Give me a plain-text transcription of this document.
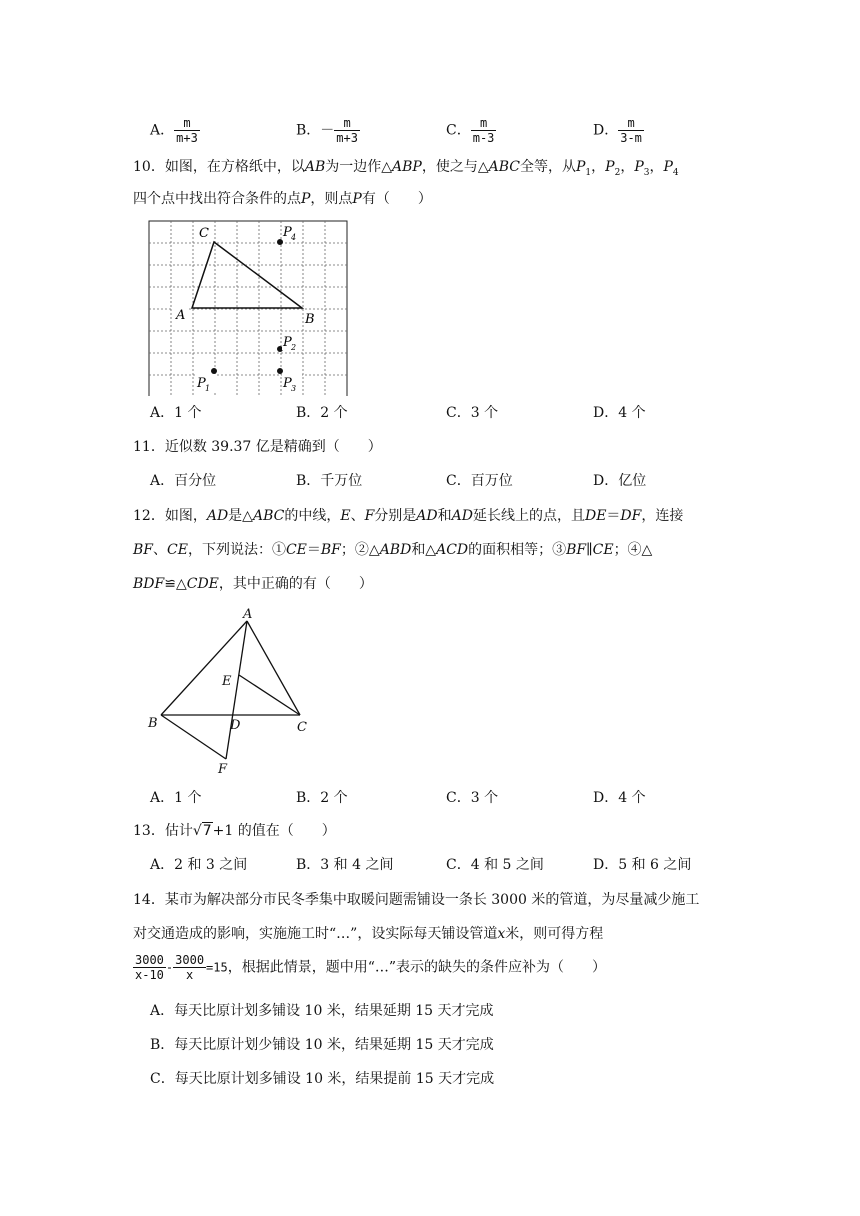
A． $\frac{m}{m+3}$	B．－ $\frac{m}{m+3}$	C． $\frac{m}{m-3}$	D． $\frac{m}{3-m}$
10．如图，在方格纸中，以AB为一边作△ABP，使之与△ABC全等，从$P_1$，$P_2$，$P_3$，$P_4$
四个点中找出符合条件的点P，则点P有（　　）
C
A	B
P 4
P 2
P 1	P 3
A．1 个	B．2 个	C．3 个	D．4 个
11．近似数 39.37 亿是精确到（　　）
A．百分位	B．千万位	C．百万位	D．亿位
12．如图，AD是△ABC的中线，E、F分别是AD和AD延长线上的点，且DE＝DF，连接
BF、CE，下列说法：①CE＝BF；②△ABD和△ACD的面积相等；③BF∥CE；④△
BDF≌△CDE，其中正确的有（　　）
A
B	C
D
E
F
A．1 个	B．2 个	C．3 个	D．4 个
13．估计√7+1 的值在（　　）
A．2 和 3 之间	B．3 和 4 之间	C．4 和 5 之间	D．5 和 6 之间
14．某市为解决部分市民冬季集中取暖问题需铺设一条长 3000 米的管道，为尽量减少施工
对交通造成的影响，实施施工时“…”，设实际每天铺设管道x米，则可得方程
$\frac{3000}{x-10} - \frac{3000}{x} =15$，根据此情景，题中用“…”表示的缺失的条件应补为（　　）
A．每天比原计划多铺设 10 米，结果延期 15 天才完成
B．每天比原计划少铺设 10 米，结果延期 15 天才完成
C．每天比原计划多铺设 10 米，结果提前 15 天才完成
